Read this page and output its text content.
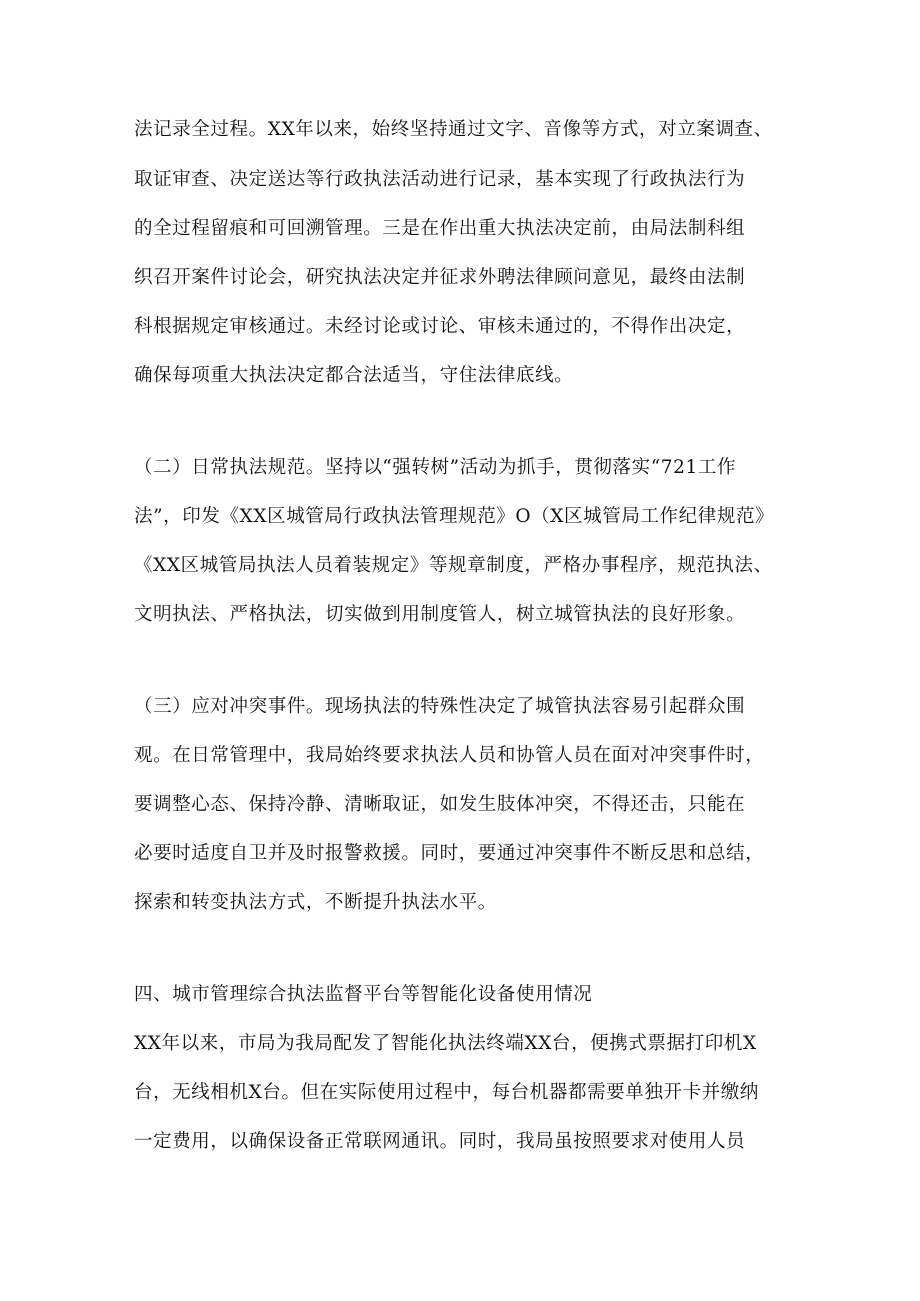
法记录全过程。XX年以来，始终坚持通过文字、音像等方式，对立案调查、
取证审查、决定送达等行政执法活动进行记录，基本实现了行政执法行为
的全过程留痕和可回溯管理。三是在作出重大执法决定前，由局法制科组
织召开案件讨论会，研究执法决定并征求外聘法律顾问意见，最终由法制
科根据规定审核通过。未经讨论或讨论、审核未通过的，不得作出决定，
确保每项重大执法决定都合法适当，守住法律底线。
（二）日常执法规范。坚持以“强转树”活动为抓手，贯彻落实“721工作
法”，印发《XX区城管局行政执法管理规范》O（X区城管局工作纪律规范》
《XX区城管局执法人员着装规定》等规章制度，严格办事程序，规范执法、
文明执法、严格执法，切实做到用制度管人，树立城管执法的良好形象。
（三）应对冲突事件。现场执法的特殊性决定了城管执法容易引起群众围
观。在日常管理中，我局始终要求执法人员和协管人员在面对冲突事件时，
要调整心态、保持冷静、清晰取证，如发生肢体冲突，不得还击，只能在
必要时适度自卫并及时报警救援。同时，要通过冲突事件不断反思和总结，
探索和转变执法方式，不断提升执法水平。
四、城市管理综合执法监督平台等智能化设备使用情况
XX年以来，市局为我局配发了智能化执法终端XX台，便携式票据打印机X
台，无线相机X台。但在实际使用过程中，每台机器都需要单独开卡并缴纳
一定费用，以确保设备正常联网通讯。同时，我局虽按照要求对使用人员
